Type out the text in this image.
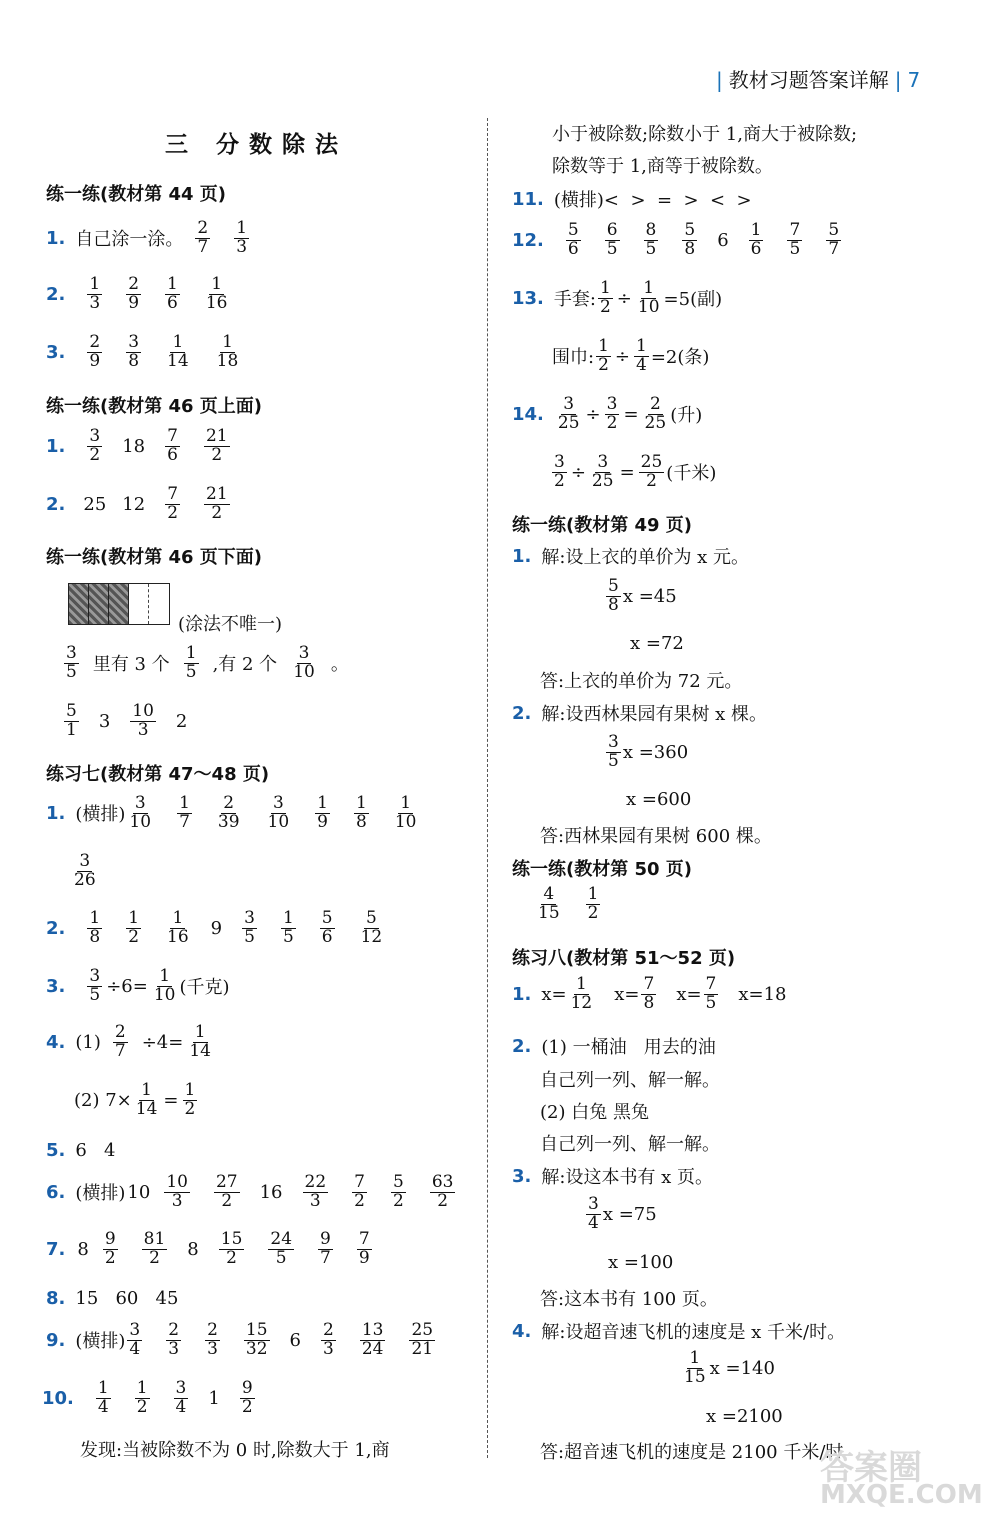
| 教材习题答案详解 | 7
三 分数除法
练一练(教材第 44 页)
1. 自己涂一涂。 $\frac{2}{7} \frac{1}{3}$
2. $\frac{1}{3} \frac{2}{9} \frac{1}{6} \frac{1}{16}$
3. $\frac{2}{9} \frac{3}{8} \frac{1}{14} \frac{1}{18}$
练一练(教材第 46 页上面)
1. $\frac{3}{2} 18 \frac{7}{6} \frac{21}{2}$
2. 25 $12 \frac{7}{2} \frac{21}{2}$
练一练(教材第 46 页下面)
(涂法不唯一)
$\frac{3}{5}$ 里有 3 个 $\frac{1}{5}$ ,有 2 个 $\frac{3}{10}$ 。
$\frac{5}{1} 3 \frac{10}{3} 2$
练习七(教材第 47～48 页)
1. (横排) $\frac{3}{10} \frac{1}{7} \frac{2}{39} \frac{3}{10} \frac{1}{9} \frac{1}{8} \frac{1}{10}$
$\frac{3}{26}$
2. $\frac{1}{8} \frac{1}{2} \frac{1}{16} 9 \frac{3}{5} \frac{1}{5} \frac{5}{6} \frac{5}{12}$
3. $\frac{3}{5} \div 6= \frac{1}{10}$ (千克)
4. $(1) \frac{2}{7} \div 4= \frac{1}{14}$
(2) $7\times \frac{1}{14} = \frac{1}{2}$
5. 6   4
6. (横排) $10 \frac{10}{3} \frac{27}{2} 16 \frac{22}{3} \frac{7}{2} \frac{5}{2} \frac{63}{2}$
7. $8 \frac{9}{2} \frac{81}{2} 8 \frac{15}{2} \frac{24}{5} \frac{9}{7} \frac{7}{9}$
8. 15   60   45
9. (横排) $\frac{3}{4} \frac{2}{3} \frac{2}{3} \frac{15}{32} 6 \frac{2}{3} \frac{13}{24} \frac{25}{21}$
10. $\frac{1}{4} \frac{1}{2} \frac{3}{4} 1 \frac{9}{2}$
发现:当被除数不为 0 时,除数大于 1,商
小于被除数;除数小于 1,商大于被除数;
除数等于 1,商等于被除数。
11. (横排)<  >  =  >  <  >
12. $\frac{5}{6} \frac{6}{5} \frac{8}{5} \frac{5}{8} 6 \frac{1}{6} \frac{7}{5} \frac{5}{7}$
13. 手套: $\frac{1}{2} \div \frac{1}{10} =5$(副)
围巾: $\frac{1}{2} \div \frac{1}{4} =2$(条)
14. $\frac{3}{25} \div \frac{3}{2} = \frac{2}{25}$ (升)
$\frac{3}{2} \div \frac{3}{25} = \frac{25}{2}$ (千米)
练一练(教材第 49 页)
1. 解:设上衣的单价为 x 元。
$\frac{5}{8}$ x =45
x =72
答:上衣的单价为 72 元。
2. 解:设西林果园有果树 x 棵。
$\frac{3}{5}$ x =360
x =600
答:西林果园有果树 600 棵。
练一练(教材第 50 页)
$\frac{4}{15} \frac{1}{2}$
练习八(教材第 51～52 页)
1. $x= \frac{1}{12} x= \frac{7}{8} x= \frac{7}{5} x=18$
2. (1) 一桶油   用去的油
自己列一列、解一解。
(2) 白兔 黑兔
自己列一列、解一解。
3. 解:设这本书有 x 页。
$\frac{3}{4}$ x =75
x =100
答:这本书有 100 页。
4. 解:设超音速飞机的速度是 x 千米/时。
$\frac{1}{15}$ x =140
x =2100
答:超音速飞机的速度是 2100 千米/时
答案圈
MXQE.COM
